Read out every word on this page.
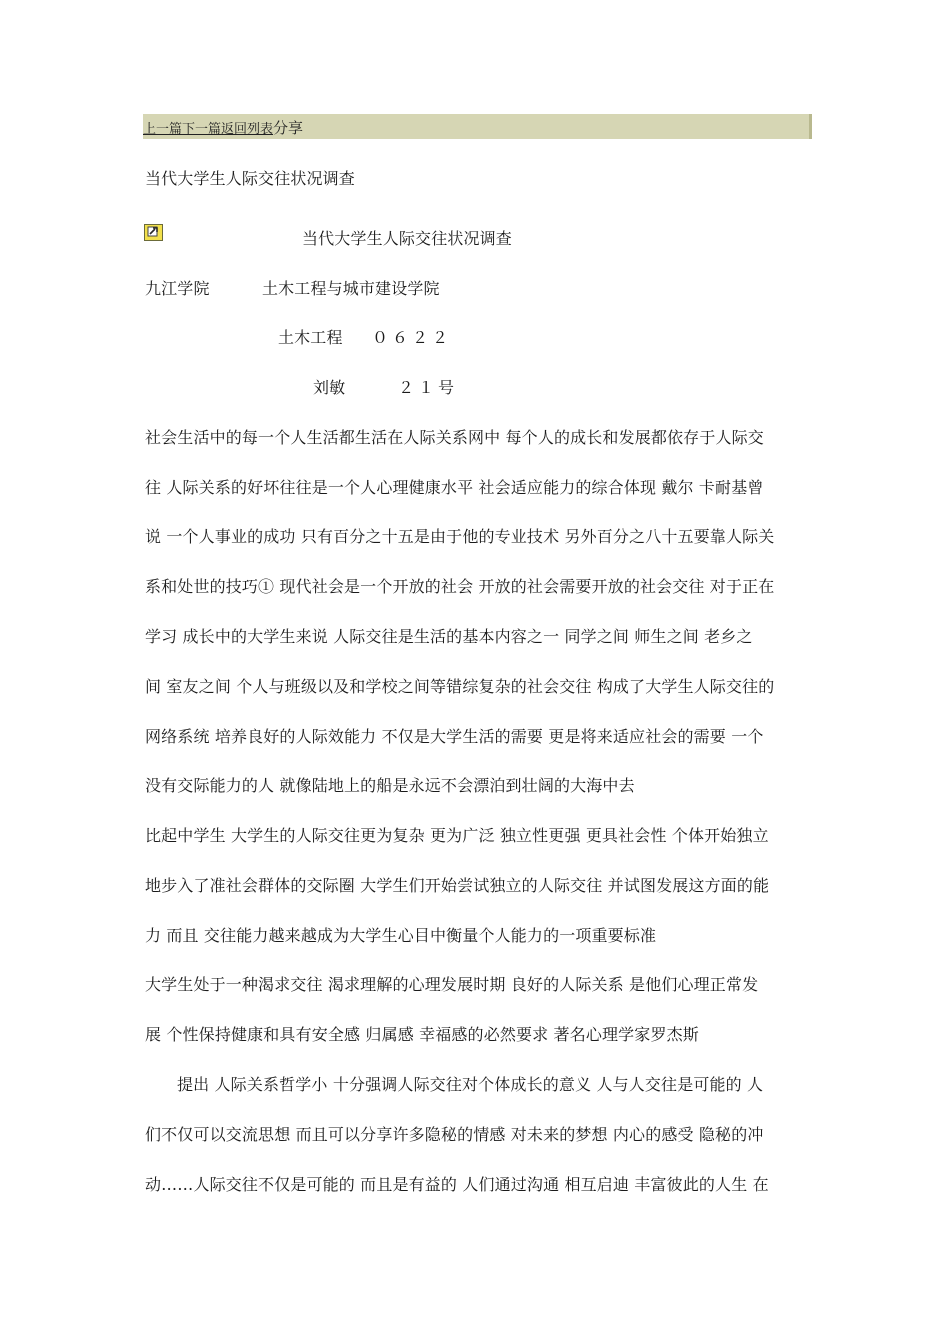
上一篇下一篇返回列表分享
当代大学生人际交往状况调查
当代大学生人际交往状况调查
九江学院	土木工程与城市建设学院
土木工程 ０６２２
刘敏	２１号
社会生活中的每一个人生活都生活在人际关系网中 每个人的成长和发展都依存于人际交
往 人际关系的好坏往往是一个人心理健康水平 社会适应能力的综合体现 戴尔 卡耐基曾
说 一个人事业的成功 只有百分之十五是由于他的专业技术 另外百分之八十五要靠人际关
系和处世的技巧① 现代社会是一个开放的社会 开放的社会需要开放的社会交往 对于正在
学习 成长中的大学生来说 人际交往是生活的基本内容之一 同学之间 师生之间 老乡之
间 室友之间 个人与班级以及和学校之间等错综复杂的社会交往 构成了大学生人际交往的
网络系统 培养良好的人际效能力 不仅是大学生活的需要 更是将来适应社会的需要 一个
没有交际能力的人 就像陆地上的船是永远不会漂泊到壮阔的大海中去
比起中学生 大学生的人际交往更为复杂 更为广泛 独立性更强 更具社会性 个体开始独立
地步入了准社会群体的交际圈 大学生们开始尝试独立的人际交往 并试图发展这方面的能
力 而且 交往能力越来越成为大学生心目中衡量个人能力的一项重要标准
大学生处于一种渴求交往 渴求理解的心理发展时期 良好的人际关系 是他们心理正常发
展 个性保持健康和具有安全感 归属感 幸福感的必然要求 著名心理学家罗杰斯
提出 人际关系哲学小 十分强调人际交往对个体成长的意义 人与人交往是可能的 人
们不仅可以交流思想 而且可以分享许多隐秘的情感 对未来的梦想 内心的感受 隐秘的冲
动……人际交往不仅是可能的 而且是有益的 人们通过沟通 相互启迪 丰富彼此的人生 在
